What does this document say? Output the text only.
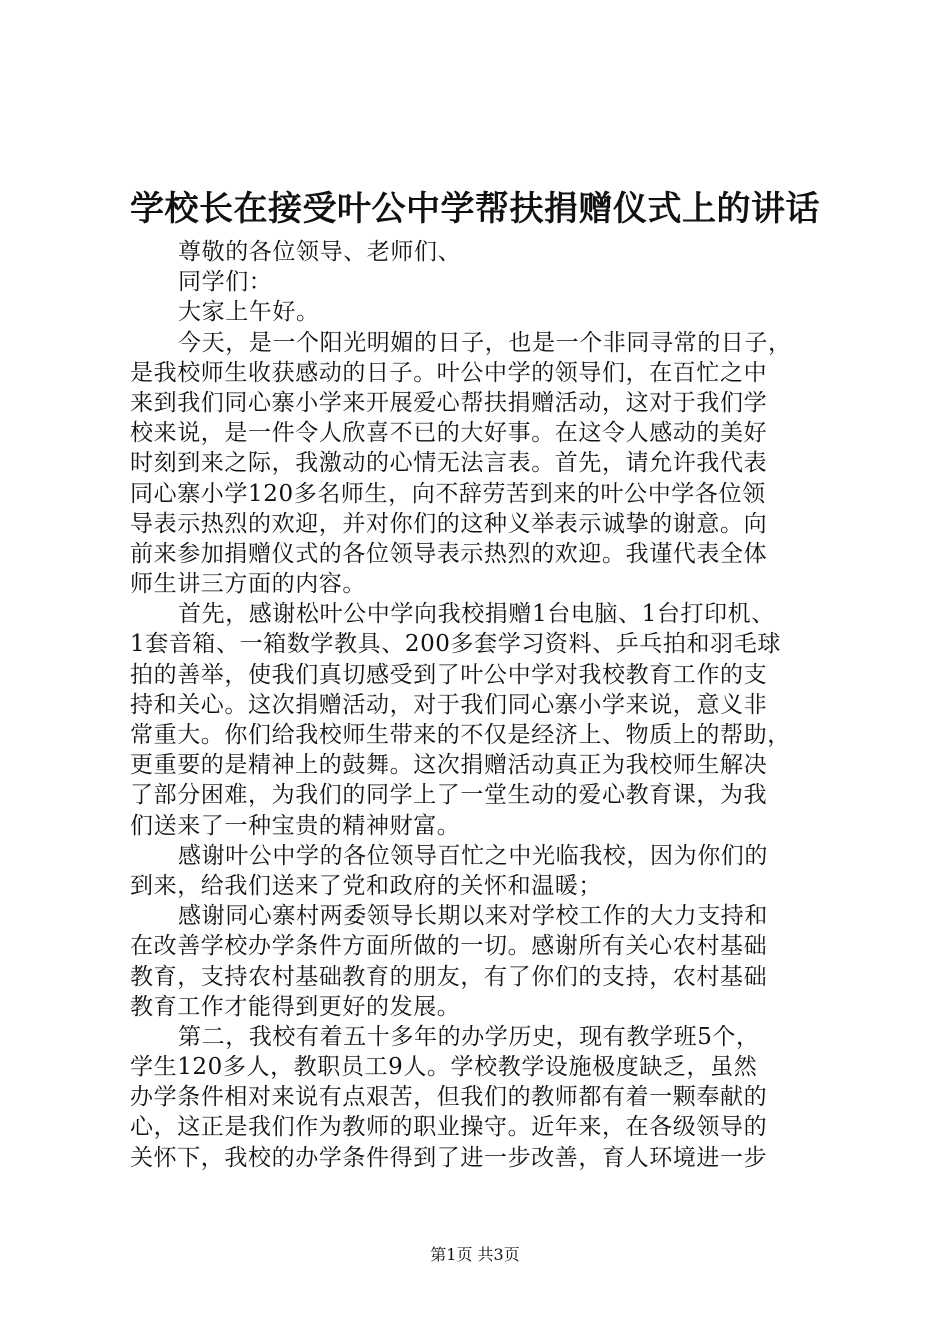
学校长在接受叶公中学帮扶捐赠仪式上的讲话
尊敬的各位领导、老师们、
同学们：
大家上午好。
今天，是一个阳光明媚的日子，也是一个非同寻常的日子，
是我校师生收获感动的日子。叶公中学的领导们，在百忙之中
来到我们同心寨小学来开展爱心帮扶捐赠活动，这对于我们学
校来说，是一件令人欣喜不已的大好事。在这令人感动的美好
时刻到来之际，我激动的心情无法言表。首先，请允许我代表
同心寨小学120多名师生，向不辞劳苦到来的叶公中学各位领
导表示热烈的欢迎，并对你们的这种义举表示诚挚的谢意。向
前来参加捐赠仪式的各位领导表示热烈的欢迎。我谨代表全体
师生讲三方面的内容。
首先，感谢松叶公中学向我校捐赠1台电脑、1台打印机、
1套音箱、一箱数学教具、200多套学习资料、乒乓拍和羽毛球
拍的善举，使我们真切感受到了叶公中学对我校教育工作的支
持和关心。这次捐赠活动，对于我们同心寨小学来说，意义非
常重大。你们给我校师生带来的不仅是经济上、物质上的帮助，
更重要的是精神上的鼓舞。这次捐赠活动真正为我校师生解决
了部分困难，为我们的同学上了一堂生动的爱心教育课，为我
们送来了一种宝贵的精神财富。
感谢叶公中学的各位领导百忙之中光临我校，因为你们的
到来，给我们送来了党和政府的关怀和温暖；
感谢同心寨村两委领导长期以来对学校工作的大力支持和
在改善学校办学条件方面所做的一切。感谢所有关心农村基础
教育，支持农村基础教育的朋友，有了你们的支持，农村基础
教育工作才能得到更好的发展。
第二，我校有着五十多年的办学历史，现有教学班5个，
学生120多人，教职员工9人。学校教学设施极度缺乏，虽然
办学条件相对来说有点艰苦，但我们的教师都有着一颗奉献的
心，这正是我们作为教师的职业操守。近年来，在各级领导的
关怀下，我校的办学条件得到了进一步改善，育人环境进一步
第1页 共3页
